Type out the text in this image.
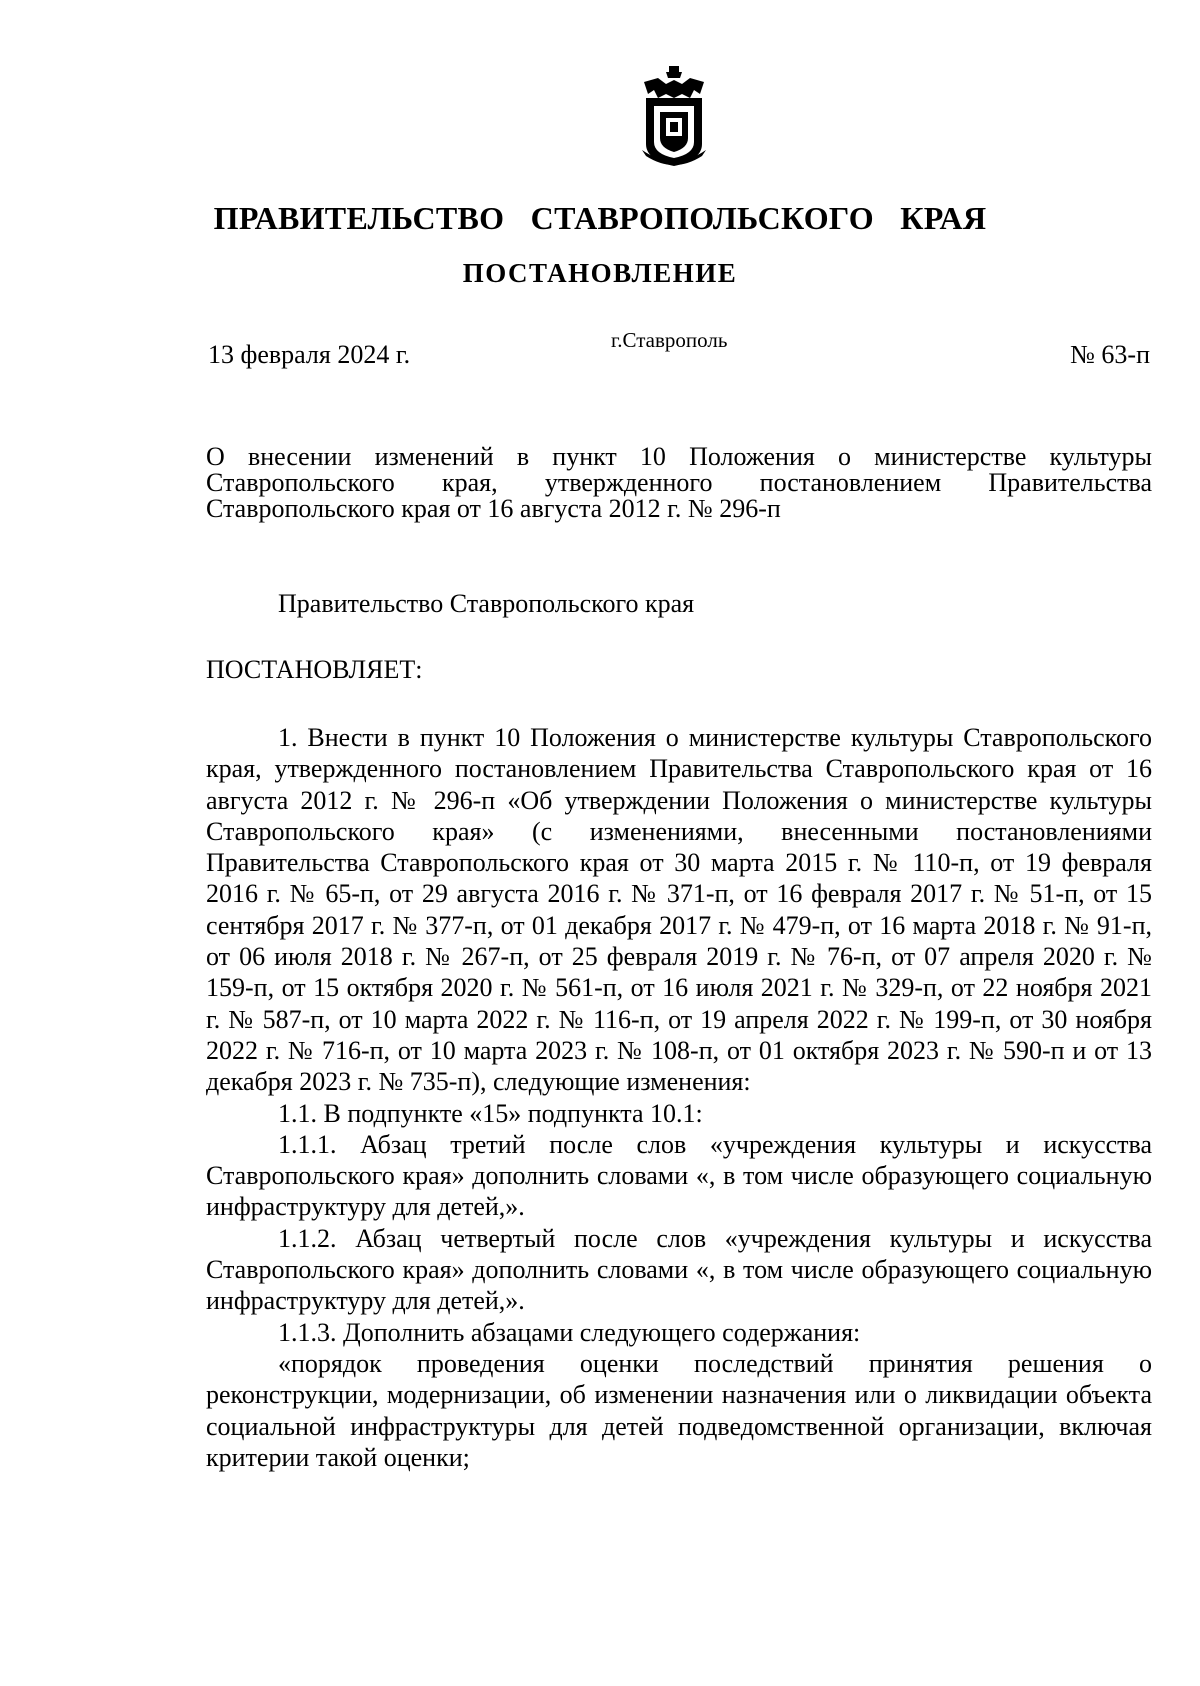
ПРАВИТЕЛЬСТВО СТАВРОПОЛЬСКОГО КРАЯ
ПОСТАНОВЛЕНИЕ
13 февраля 2024 г.	г.Ставрополь	№ 63-п

О внесении изменений в пункт 10 Положения о министерстве культуры Ставропольского края, утвержденного постановлением Правительства Ставропольского края от 16 августа 2012 г. № 296-п

Правительство Ставропольского края

ПОСТАНОВЛЯЕТ:

1. Внести в пункт 10 Положения о министерстве культуры Ставропольского края, утвержденного постановлением Правительства Ставропольского края от 16 августа 2012 г. № 296-п «Об утверждении Положения о министерстве культуры Ставропольского края» (с изменениями, внесенными постановлениями Правительства Ставропольского края от 30 марта 2015 г. № 110-п, от 19 февраля 2016 г. № 65-п, от 29 августа 2016 г. № 371-п, от 16 февраля 2017 г. № 51-п, от 15 сентября 2017 г. № 377-п, от 01 декабря 2017 г. № 479-п, от 16 марта 2018 г. № 91-п, от 06 июля 2018 г. № 267-п, от 25 февраля 2019 г. № 76-п, от 07 апреля 2020 г. № 159-п, от 15 октября 2020 г. № 561-п, от 16 июля 2021 г. № 329-п, от 22 ноября 2021 г. № 587-п, от 10 марта 2022 г. № 116-п, от 19 апреля 2022 г. № 199-п, от 30 ноября 2022 г. № 716-п, от 10 марта 2023 г. № 108-п, от 01 октября 2023 г. № 590-п и от 13 декабря 2023 г. № 735-п), следующие изменения:

1.1. В подпункте «15» подпункта 10.1:

1.1.1. Абзац третий после слов «учреждения культуры и искусства Ставропольского края» дополнить словами «, в том числе образующего социальную инфраструктуру для детей,».

1.1.2. Абзац четвертый после слов «учреждения культуры и искусства Ставропольского края» дополнить словами «, в том числе образующего социальную инфраструктуру для детей,».

1.1.3. Дополнить абзацами следующего содержания:

«порядок проведения оценки последствий принятия решения о реконструкции, модернизации, об изменении назначения или о ликвидации объекта социальной инфраструктуры для детей подведомственной организации, включая критерии такой оценки;
